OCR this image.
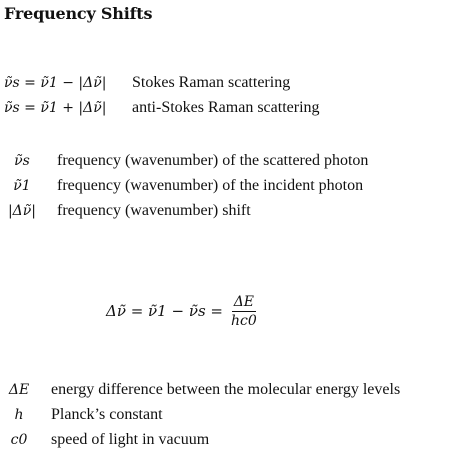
Frequency Shifts
ν̃s = ν̃1 − |Δν̃|	Stokes Raman scattering
ν̃s = ν̃1 + |Δν̃|	anti-Stokes Raman scattering
ν̃s	frequency (wavenumber) of the scattered photon
ν̃1	frequency (wavenumber) of the incident photon
|Δν̃|	frequency (wavenumber) shift
Δν̃ = ν̃1 − ν̃s = $\frac{\Delta E}{hc0}$
ΔE	energy difference between the molecular energy levels
h	Planck’s constant
c0	speed of light in vacuum
